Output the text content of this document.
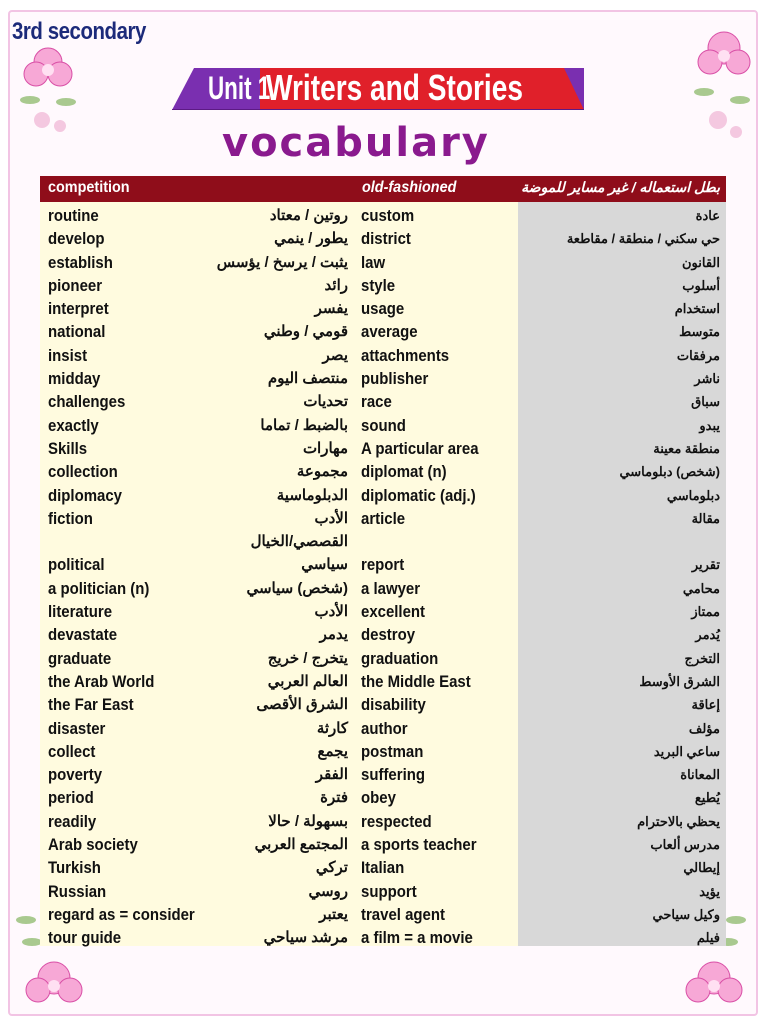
3rd secondary
Unit 1
Writers and Stories
vocabulary
competition	old-fashioned	بطل استعماله / غير مساير للموضة
routine	روتين / معتاد custom	عادة
develop	يطور / ينمي district	حي سكني / منطقة / مقاطعة
establish	يثبت / يرسخ / يؤسس law	القانون
pioneer	رائد style	أسلوب
interpret	يفسر usage	استخدام
national	قومي / وطني average	متوسط
insist	يصر attachments	مرفقات
midday	منتصف اليوم publisher	ناشر
challenges	تحديات race	سباق
exactly	بالضبط / تماما sound	يبدو
Skills	مهارات A particular area	منطقة معينة
collection	مجموعة diplomat (n)	(شخص) دبلوماسي
diplomacy	الدبلوماسية diplomatic (adj.)	دبلوماسي
fiction	الأدب article	مقالة
القصصي/الخيال
political	سياسي report	تقرير
a politician (n)	(شخص) سياسي a lawyer	محامي
literature	الأدب excellent	ممتاز
devastate	يدمر destroy	يُدمر
graduate	يتخرج / خريج graduation	التخرج
the Arab World	العالم العربي the Middle East	الشرق الأوسط
the Far East	الشرق الأقصى disability	إعاقة
disaster	كارثة author	مؤلف
collect	يجمع postman	ساعي البريد
poverty	الفقر suffering	المعاناة
period	فترة obey	يُطيع
readily	بسهولة / حالا respected	يحظي بالاحترام
Arab society	المجتمع العربي a sports teacher	مدرس ألعاب
Turkish	تركي Italian	إيطالي
Russian	روسي support	يؤيد
regard as = consider	يعتبر travel agent	وكيل سياحي
tour guide	مرشد سياحي a film = a movie	فيلم
